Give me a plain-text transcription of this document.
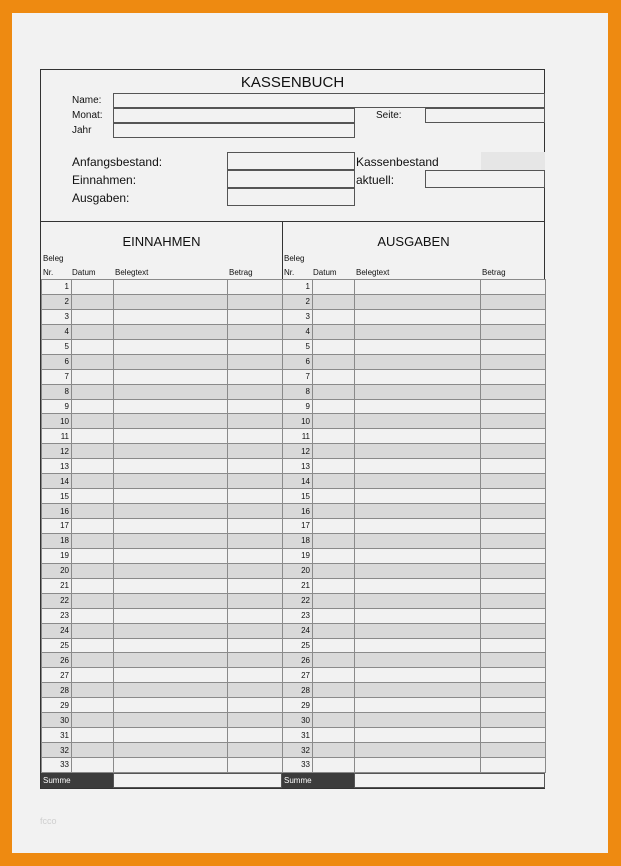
KASSENBUCH
Name:
Monat:	Seite:
Jahr
Anfangsbestand:
Einnahmen:
Ausgaben:
Kassenbestand
aktuell:
EINNAHMEN
Beleg
Nr. Datum Belegtext	Betrag
1			
2			
3			
4			
5			
6			
7			
8			
9			
10			
11			
12			
13			
14			
15			
16			
17			
18			
19			
20			
21			
22			
23			
24			
25			
26			
27			
28			
29			
30			
31			
32			
33			
Summe
AUSGABEN
Beleg
Nr. Datum Belegtext	Betrag
1			
2			
3			
4			
5			
6			
7			
8			
9			
10			
11			
12			
13			
14			
15			
16			
17			
18			
19			
20			
21			
22			
23			
24			
25			
26			
27			
28			
29			
30			
31			
32			
33			
Summe
fcco
